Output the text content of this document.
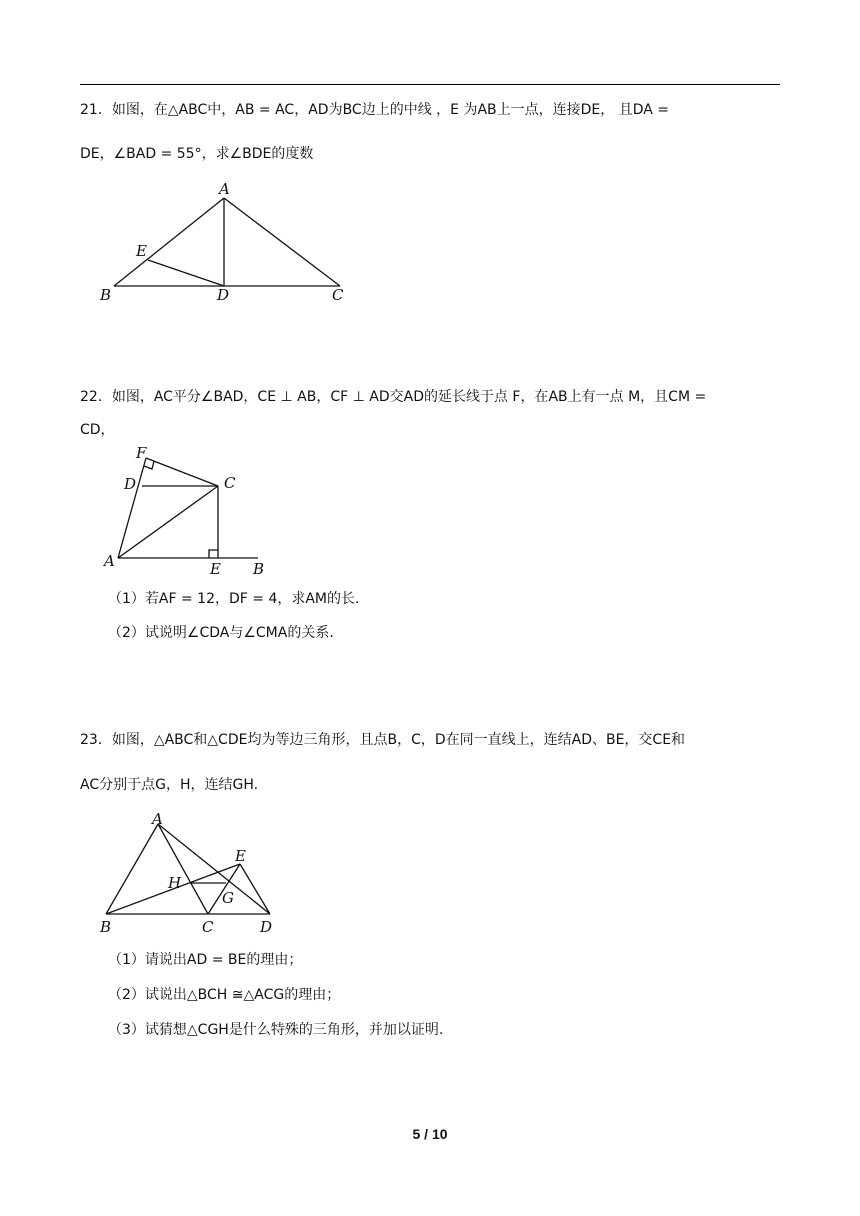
21．如图，在△ABC中，AB = AC，AD为BC边上的中线 ，E 为AB上一点，连接DE， 且DA =
DE，∠BAD = 55°，求∠BDE的度数
A
B	C
D
E
22．如图，AC平分∠BAD，CE ⊥ AB，CF ⊥ AD交AD的延长线于点 F，在AB上有一点 M，且CM =
CD，
F
D	C
A	E B
（1）若AF = 12，DF = 4，求AM的长.
（2）试说明∠CDA与∠CMA的关系.
23．如图，△ABC和△CDE均为等边三角形，且点B，C，D在同一直线上，连结AD、BE，交CE和
AC分别于点G，H，连结GH.
A
B	C	D
E
H
G
（1）请说出AD = BE的理由；
（2）试说出△BCH ≅△ACG的理由；
（3）试猜想△CGH是什么特殊的三角形，并加以证明.
5 / 10
